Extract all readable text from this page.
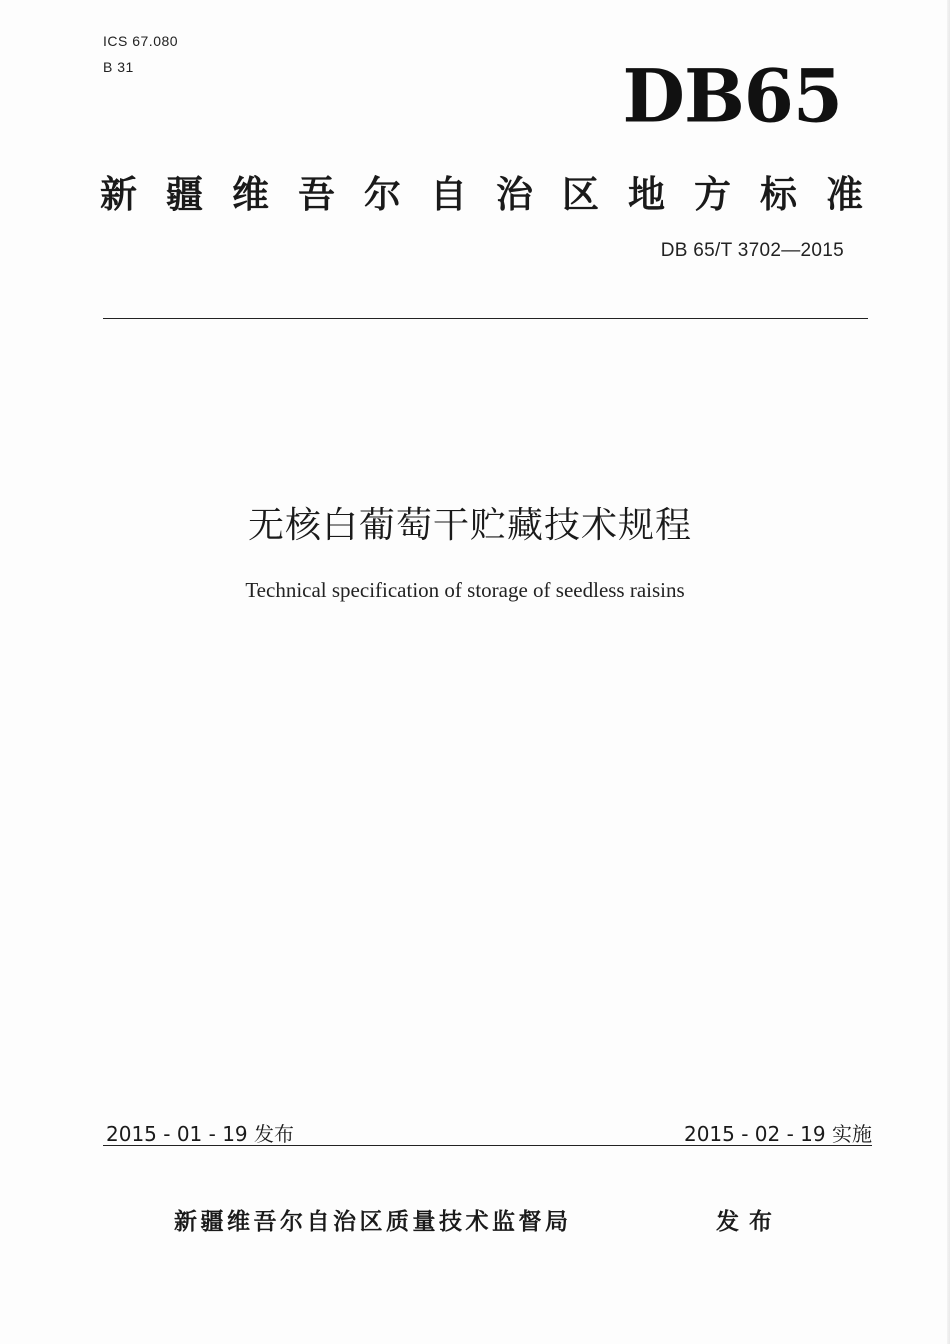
ICS 67.080
B 31	DB65
新疆维吾尔自治区地方标准
DB 65/T 3702—2015
无核白葡萄干贮藏技术规程
Technical specification of storage of seedless raisins
2015 - 01 - 19 发布	2015 - 02 - 19 实施
新疆维吾尔自治区质量技术监督局	发布
